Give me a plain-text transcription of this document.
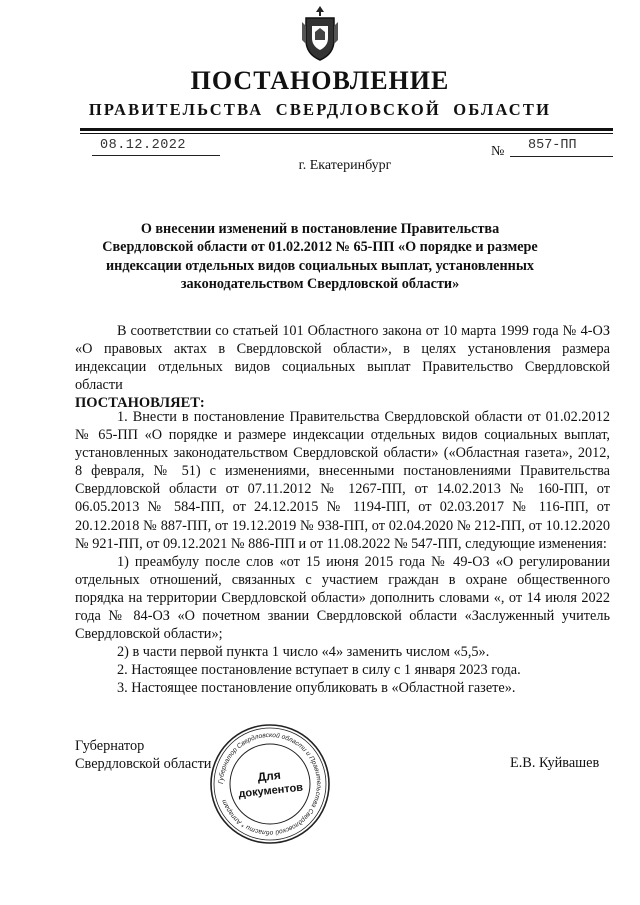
ПОСТАНОВЛЕНИЕ
ПРАВИТЕЛЬСТВА СВЕРДЛОВСКОЙ ОБЛАСТИ
08.12.2022	№ 857-ПП
г. Екатеринбург
О внесении изменений в постановление Правительства Свердловской области от 01.02.2012 № 65-ПП «О порядке и размере индексации отдельных видов социальных выплат, установленных законодательством Свердловской области»

В соответствии со статьей 101 Областного закона от 10 марта 1999 года № 4-ОЗ «О правовых актах в Свердловской области», в целях установления размера индексации отдельных видов социальных выплат Правительство Свердловской области

ПОСТАНОВЛЯЕТ:

1. Внести в постановление Правительства Свердловской области от 01.02.2012 № 65-ПП «О порядке и размере индексации отдельных видов социальных выплат, установленных законодательством Свердловской области» («Областная газета», 2012, 8 февраля, № 51) с изменениями, внесенными постановлениями Правительства Свердловской области от 07.11.2012 № 1267-ПП, от 14.02.2013 № 160-ПП, от 06.05.2013 № 584-ПП, от 24.12.2015 № 1194-ПП, от 02.03.2017 № 116-ПП, от 20.12.2018 № 887-ПП, от 19.12.2019 № 938-ПП, от 02.04.2020 № 212-ПП, от 10.12.2020 № 921-ПП, от 09.12.2021 № 886-ПП и от 11.08.2022 № 547-ПП, следующие изменения:

1) преамбулу после слов «от 15 июня 2015 года № 49-ОЗ «О регулировании отдельных отношений, связанных с участием граждан в охране общественного порядка на территории Свердловской области» дополнить словами «, от 14 июля 2022 года № 84-ОЗ «О почетном звании Свердловской области «Заслуженный учитель Свердловской области»;

2) в части первой пункта 1 число «4» заменить числом «5,5».

2. Настоящее постановление вступает в силу с 1 января 2023 года.

3. Настоящее постановление опубликовать в «Областной газете».

Губернатор
Свердловской области	Е.В. Куйвашев
Губернатор Свердловской области и Правительства Свердловской области * Аппарат
Для
документов
